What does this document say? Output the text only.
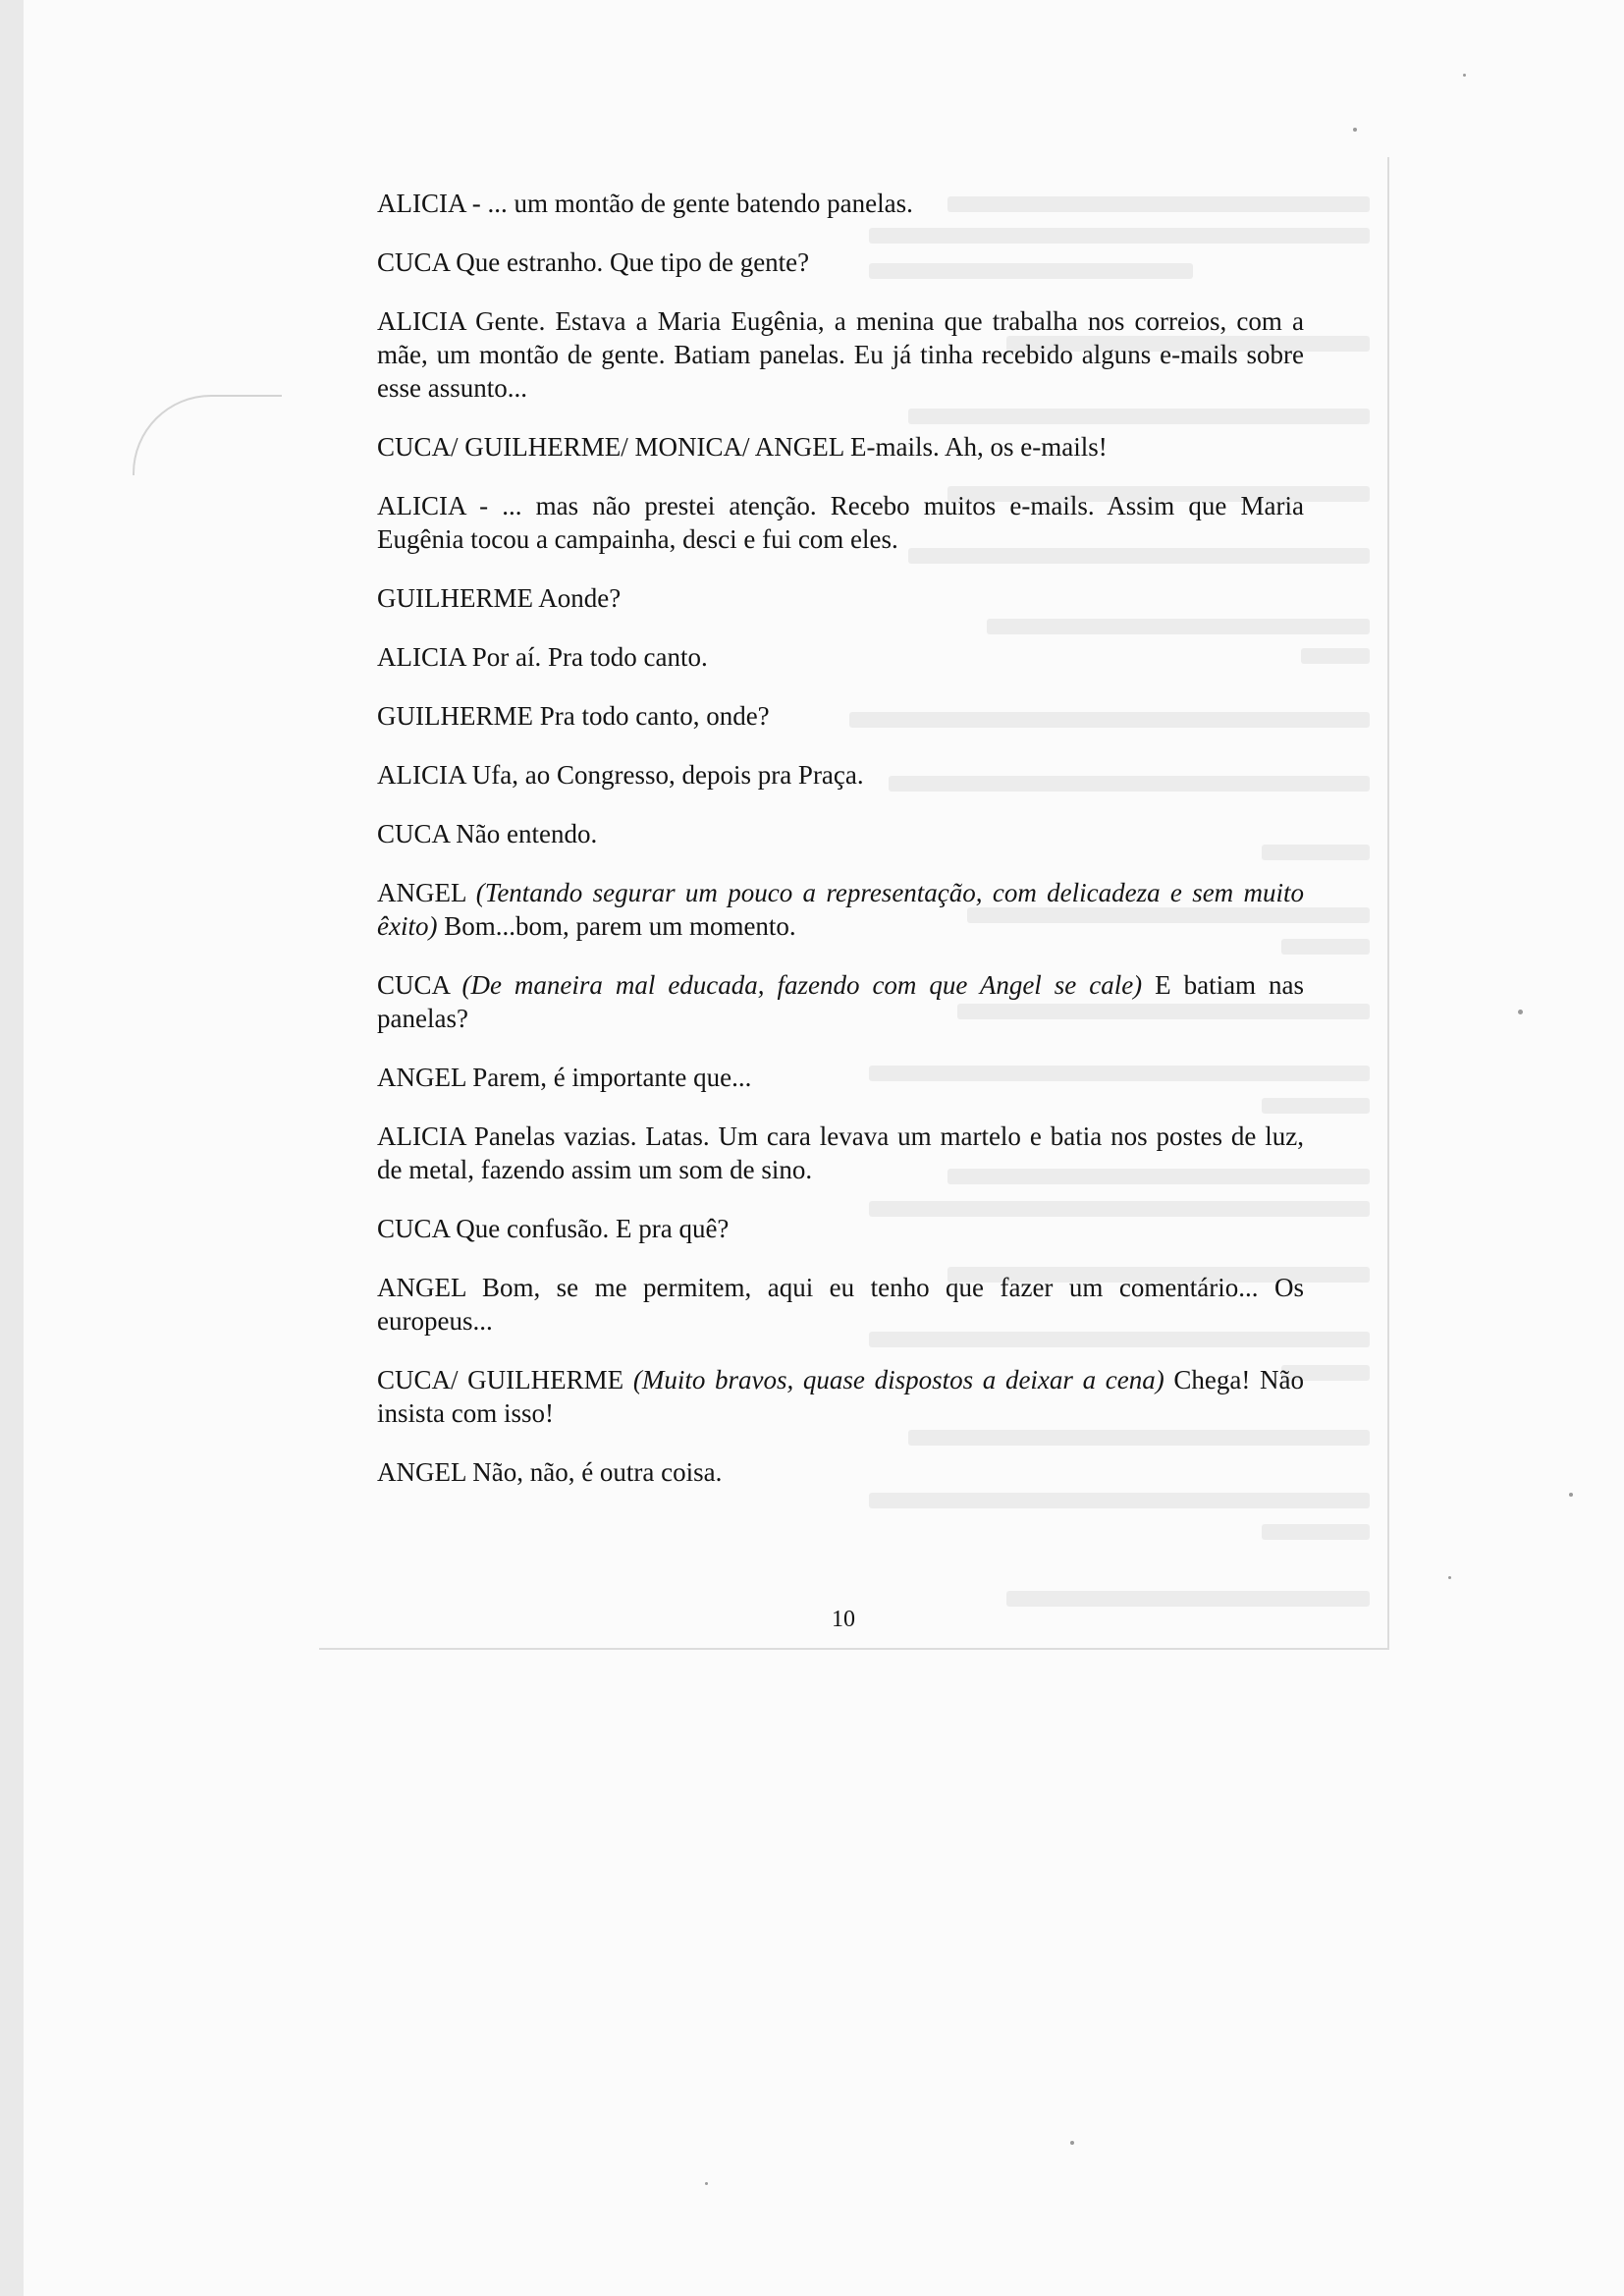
ALICIA - ... um montão de gente batendo panelas.

CUCA Que estranho. Que tipo de gente?

ALICIA Gente. Estava a Maria Eugênia, a menina que trabalha nos correios, com a mãe, um montão de gente. Batiam panelas. Eu já tinha recebido alguns e-mails sobre esse assunto...

CUCA/ GUILHERME/ MONICA/ ANGEL E-mails. Ah, os e-mails!

ALICIA - ... mas não prestei atenção. Recebo muitos e-mails. Assim que Maria Eugênia tocou a campainha, desci e fui com eles.

GUILHERME Aonde?

ALICIA Por aí. Pra todo canto.

GUILHERME Pra todo canto, onde?

ALICIA Ufa, ao Congresso, depois pra Praça.

CUCA Não entendo.

ANGEL (Tentando segurar um pouco a representação, com delicadeza e sem muito êxito) Bom...bom, parem um momento.

CUCA (De maneira mal educada, fazendo com que Angel se cale) E batiam nas panelas?

ANGEL Parem, é importante que...

ALICIA Panelas vazias. Latas. Um cara levava um martelo e batia nos postes de luz, de metal, fazendo assim um som de sino.

CUCA Que confusão. E pra quê?

ANGEL Bom, se me permitem, aqui eu tenho que fazer um comentário... Os europeus...

CUCA/ GUILHERME (Muito bravos, quase dispostos a deixar a cena) Chega! Não insista com isso!

ANGEL Não, não, é outra coisa.

10
